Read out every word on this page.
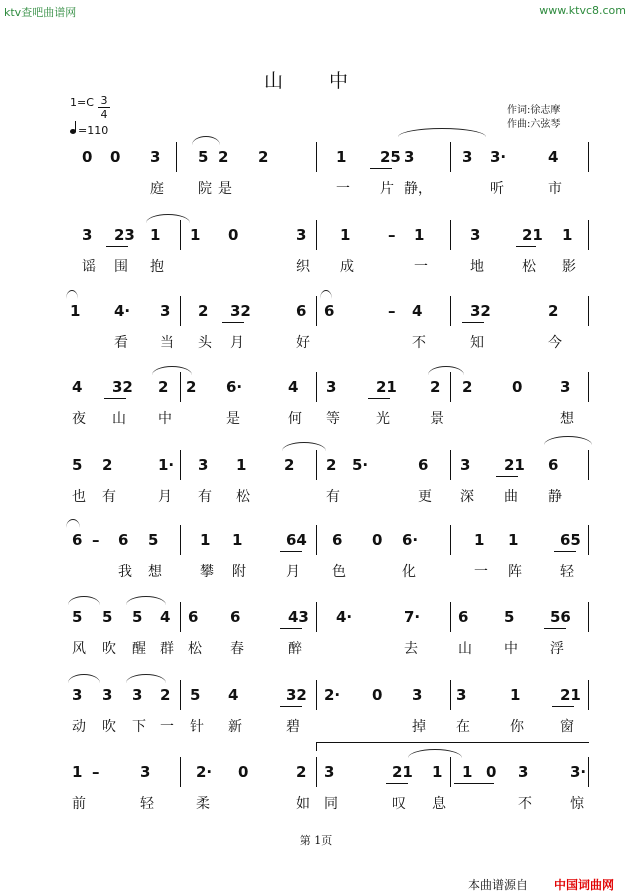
ktv查吧曲谱网	www.ktvc8.com
山 中
1=C 3
4
=110
作词:徐志摩
作曲:六弦琴
0 0 3
庭
5
院
2
是
2	1
一
25
片
3
静，
3 3·
听
4
市
3
谣
23
围
1
抱
1 0	3
织
1
成
– 1
一
3
地
21
松
1
影
1 4·
看
3
当
2
头
32
月
6
好
6	– 4
不
32
知
2
今
4
夜
32
山
2
中
2 6·
是
4
何
3
等
21
光
2
景
2	0	3
想
5
也
2
有
1·
月
3
有
1
松
2 2
有
5·	6
更
3
深
21
曲
6
静
6 – 6
我
5
想
1
攀
1
附
64
月
6
色
0 6·
化
1
一
1
阵
65
轻
5
风
5
吹
5
醒
4
群
6
松
6
春
43
醉
4·	7·
去
6
山
5
中
56
浮
3
动
3
吹
3
下
2
一
5
针
4
新
32
碧
2· 0 3
掉
3
在
1
你
21
窗
1
前
–	3
轻
2·
柔
0	2
如
3
同
21
叹
1
息
1 0 3
不
3·
惊
第 1页
本曲谱源自 中国词曲网
